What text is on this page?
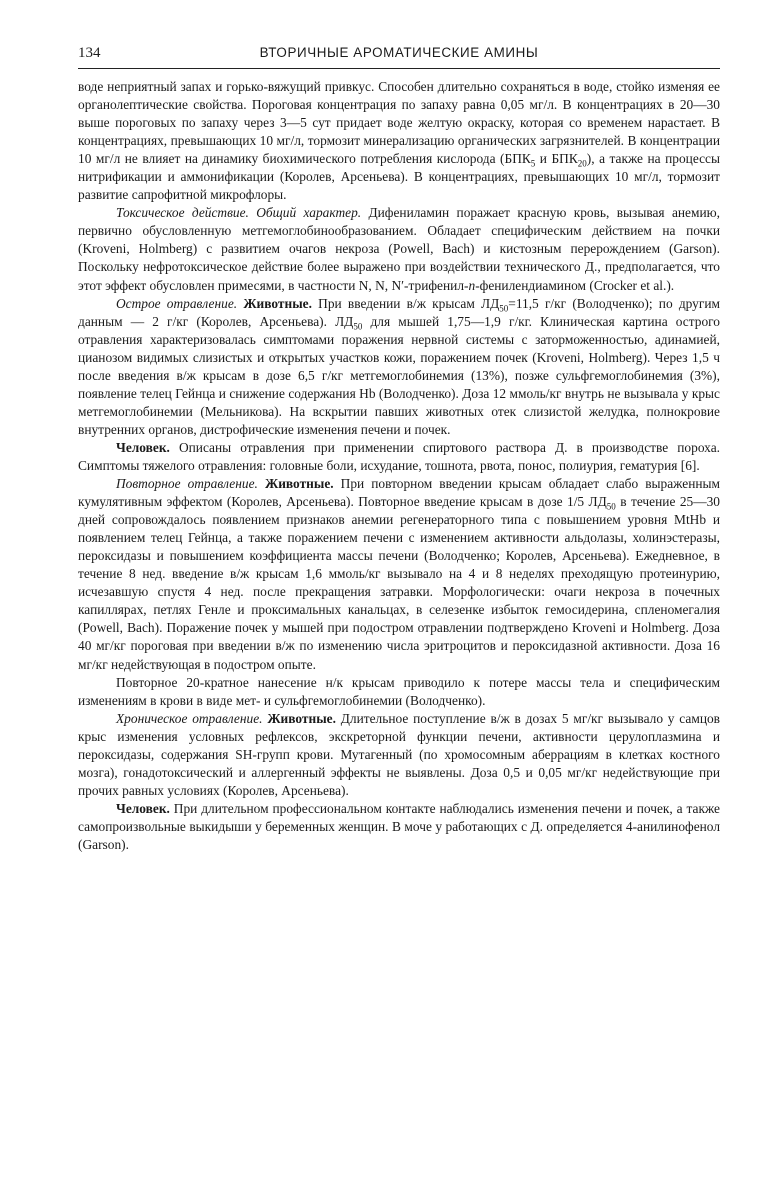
134	ВТОРИЧНЫЕ АРОМАТИЧЕСКИЕ АМИНЫ

воде неприятный запах и горько-вяжущий привкус. Способен длительно сохраняться в воде, стойко изменяя ее органолептические свойства. Пороговая концентрация по запаху равна 0,05 мг/л. В концентрациях в 20—30 выше пороговых по запаху через 3—5 сут придает воде желтую окраску, которая со временем нарастает. В концентрациях, превышающих 10 мг/л, тормозит минерализацию органических загрязнителей. В концентрации 10 мг/л не влияет на динамику биохимического потребления кислорода ($БПК_5$ и $БПК_{20}$), а также на процессы нитрификации и аммонификации (Королев, Арсеньева). В концентрациях, превышающих 10 мг/л, тормозит развитие сапрофитной микрофлоры.

Токсическое действие. Общий характер. Дифениламин поражает красную кровь, вызывая анемию, первично обусловленную метгемоглобинообразованием. Обладает специфическим действием на почки (Kroveni, Holmberg) с развитием очагов некроза (Powell, Bach) и кистозным перерождением (Garson). Поскольку нефротоксическое действие более выражено при воздействии технического Д., предполагается, что этот эффект обусловлен примесями, в частности N, N, N′-трифенил-п-фенилендиамином (Crocker et al.).

Острое отравление. Животные. При введении в/ж крысам $ЛД_{50}=11,5$ г/кг (Володченко); по другим данным — 2 г/кг (Королев, Арсеньева). $ЛД_{50}$ для мышей 1,75—1,9 г/кг. Клиническая картина острого отравления характеризовалась симптомами поражения нервной системы с заторможенностью, адинамией, цианозом видимых слизистых и открытых участков кожи, поражением почек (Kroveni, Holmberg). Через 1,5 ч после введения в/ж крысам в дозе 6,5 г/кг метгемоглобинемия (13%), позже сульфгемоглобинемия (3%), появление телец Гейнца и снижение содержания Hb (Володченко). Доза 12 ммоль/кг внутрь не вызывала у крыс метгемоглобинемии (Мельникова). На вскрытии павших животных отек слизистой желудка, полнокровие внутренних органов, дистрофические изменения печени и почек.

Человек. Описаны отравления при применении спиртового раствора Д. в производстве пороха. Симптомы тяжелого отравления: головные боли, исхудание, тошнота, рвота, понос, полиурия, гематурия [6].

Повторное отравление. Животные. При повторном введении крысам обладает слабо выраженным кумулятивным эффектом (Королев, Арсеньева). Повторное введение крысам в дозе 1/5 $ЛД_{50}$ в течение 25—30 дней сопровождалось появлением признаков анемии регенераторного типа с повышением уровня MtHb и появлением телец Гейнца, а также поражением печени с изменением активности альдолазы, холинэстеразы, пероксидазы и повышением коэффициента массы печени (Володченко; Королев, Арсеньева). Ежедневное, в течение 8 нед. введение в/ж крысам 1,6 ммоль/кг вызывало на 4 и 8 неделях преходящую протеинурию, исчезавшую спустя 4 нед. после прекращения затравки. Морфологически: очаги некроза в почечных капиллярах, петлях Генле и проксимальных канальцах, в селезенке избыток гемосидерина, спленомегалия (Powell, Bach). Поражение почек у мышей при подостром отравлении подтверждено Kroveni и Holmberg. Доза 40 мг/кг пороговая при введении в/ж по изменению числа эритроцитов и пероксидазной активности. Доза 16 мг/кг недействующая в подостром опыте.

Повторное 20-кратное нанесение н/к крысам приводило к потере массы тела и специфическим изменениям в крови в виде мет- и сульфгемоглобинемии (Володченко).

Хроническое отравление. Животные. Длительное поступление в/ж в дозах 5 мг/кг вызывало у самцов крыс изменения условных рефлексов, экскреторной функции печени, активности церулоплазмина и пероксидазы, содержания SH-групп крови. Мутагенный (по хромосомным аберрациям в клетках костного мозга), гонадотоксический и аллергенный эффекты не выявлены. Доза 0,5 и 0,05 мг/кг недействующие при прочих равных условиях (Королев, Арсеньева).

Человек. При длительном профессиональном контакте наблюдались изменения печени и почек, а также самопроизвольные выкидыши у беременных женщин. В моче у работающих с Д. определяется 4-анилинофенол (Garson).
